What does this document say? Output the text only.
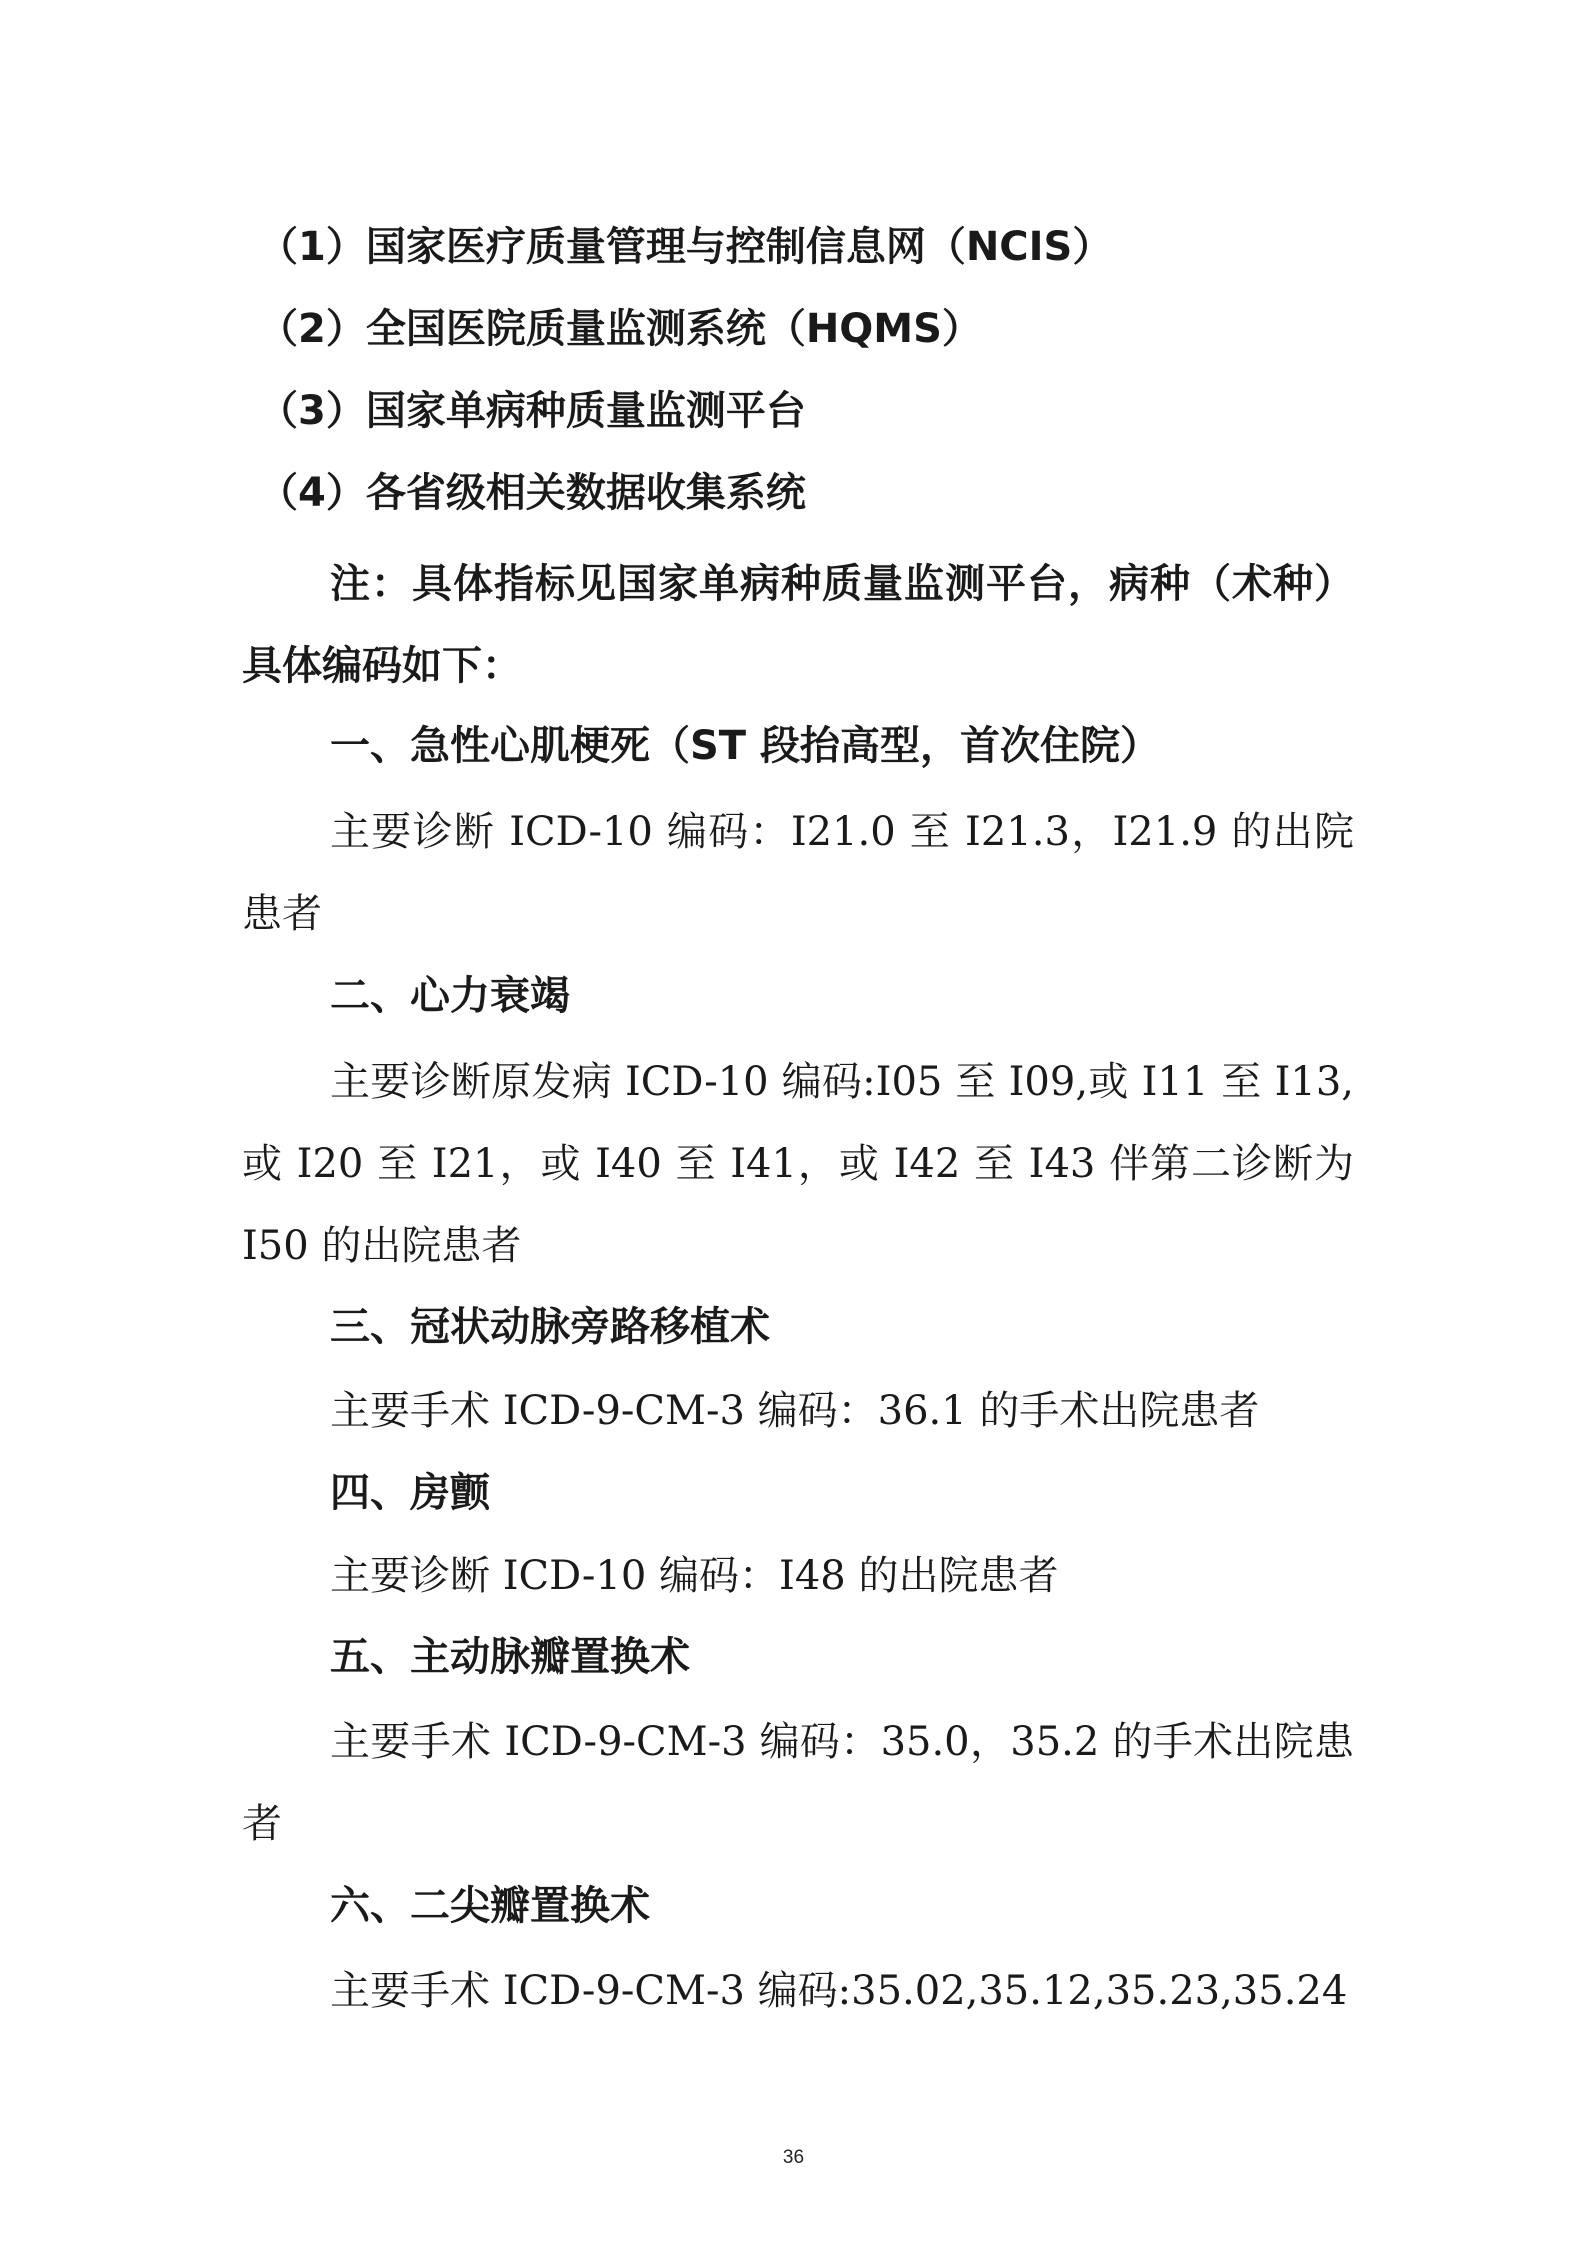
（1）国家医疗质量管理与控制信息网（NCIS）
（2）全国医院质量监测系统（HQMS）
（3）国家单病种质量监测平台
（4）各省级相关数据收集系统
注：具体指标见国家单病种质量监测平台，病种（术种）
具体编码如下：
一、急性心肌梗死（ST 段抬高型，首次住院）
主要诊断 ICD-10 编码：I21.0 至 I21.3，I21.9 的出院
患者
二、心力衰竭
主要诊断原发病 ICD-10 编码:I05 至 I09,或 I11 至 I13,
或 I20 至 I21，或 I40 至 I41，或 I42 至 I43 伴第二诊断为
I50 的出院患者
三、冠状动脉旁路移植术
主要手术 ICD-9-CM-3 编码：36.1 的手术出院患者
四、房颤
主要诊断 ICD-10 编码：I48 的出院患者
五、主动脉瓣置换术
主要手术 ICD-9-CM-3 编码：35.0，35.2 的手术出院患
者
六、二尖瓣置换术
主要手术 ICD-9-CM-3 编码:35.02,35.12,35.23,35.24
36
